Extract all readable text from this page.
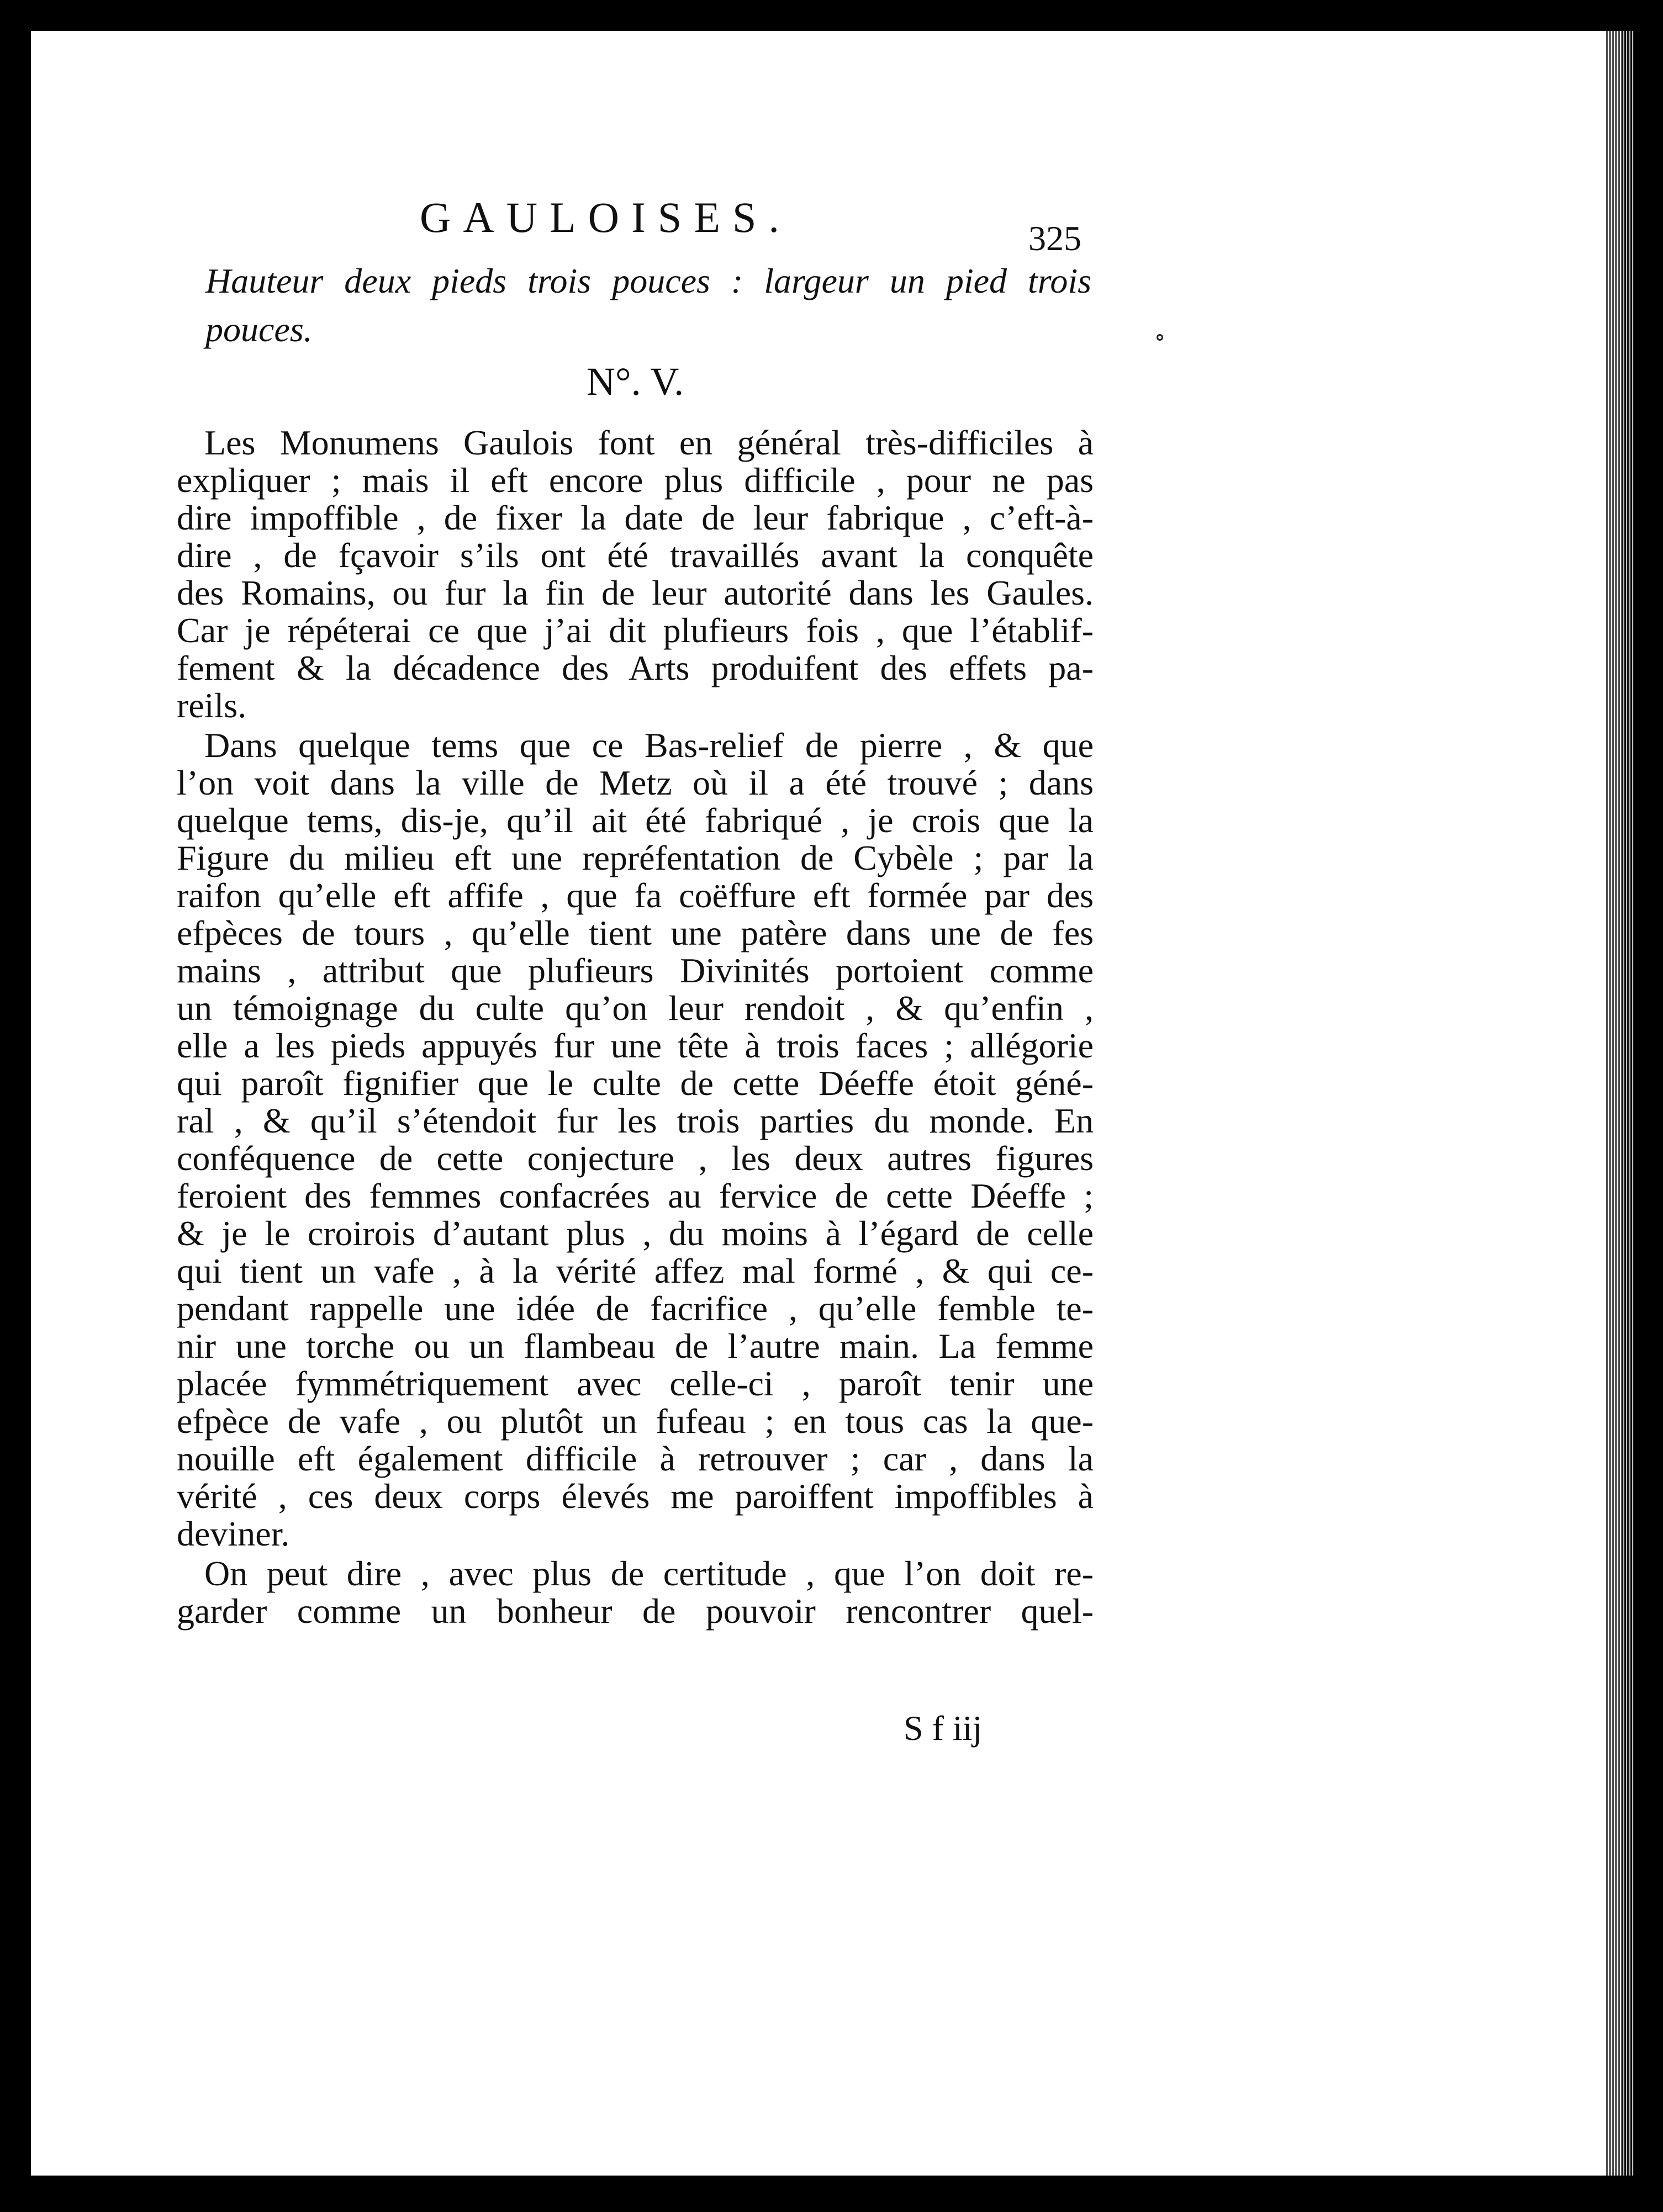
GAULOISES.	325

Hauteur deux pieds trois pouces : largeur un pied trois pouces.

N°. V.
Les Monumens Gaulois font en général très-difficiles à
expliquer ; mais il eft encore plus difficile , pour ne pas
dire impoffible , de fixer la date de leur fabrique , c’eft-à-
dire , de fçavoir s’ils ont été travaillés avant la conquête
des Romains, ou fur la fin de leur autorité dans les Gaules.
Car je répéterai ce que j’ai dit plufieurs fois , que l’établif-
fement & la décadence des Arts produifent des effets pa-
reils.
Dans quelque tems que ce Bas-relief de pierre , & que
l’on voit dans la ville de Metz où il a été trouvé ; dans
quelque tems, dis-je, qu’il ait été fabriqué , je crois que la
Figure du milieu eft une repréfentation de Cybèle ; par la
raifon qu’elle eft affife , que fa coëffure eft formée par des
efpèces de tours , qu’elle tient une patère dans une de fes
mains , attribut que plufieurs Divinités portoient comme
un témoignage du culte qu’on leur rendoit , & qu’enfin ,
elle a les pieds appuyés fur une tête à trois faces ; allégorie
qui paroît fignifier que le culte de cette Déeffe étoit géné-
ral , & qu’il s’étendoit fur les trois parties du monde. En
conféquence de cette conjecture , les deux autres figures
feroient des femmes confacrées au fervice de cette Déeffe ;
& je le croirois d’autant plus , du moins à l’égard de celle
qui tient un vafe , à la vérité affez mal formé , & qui ce-
pendant rappelle une idée de facrifice , qu’elle femble te-
nir une torche ou un flambeau de l’autre main. La femme
placée fymmétriquement avec celle-ci , paroît tenir une
efpèce de vafe , ou plutôt un fufeau ; en tous cas la que-
nouille eft également difficile à retrouver ; car , dans la
vérité , ces deux corps élevés me paroiffent impoffibles à
deviner.
On peut dire , avec plus de certitude , que l’on doit re-
garder comme un bonheur de pouvoir rencontrer quel-
S f iij
